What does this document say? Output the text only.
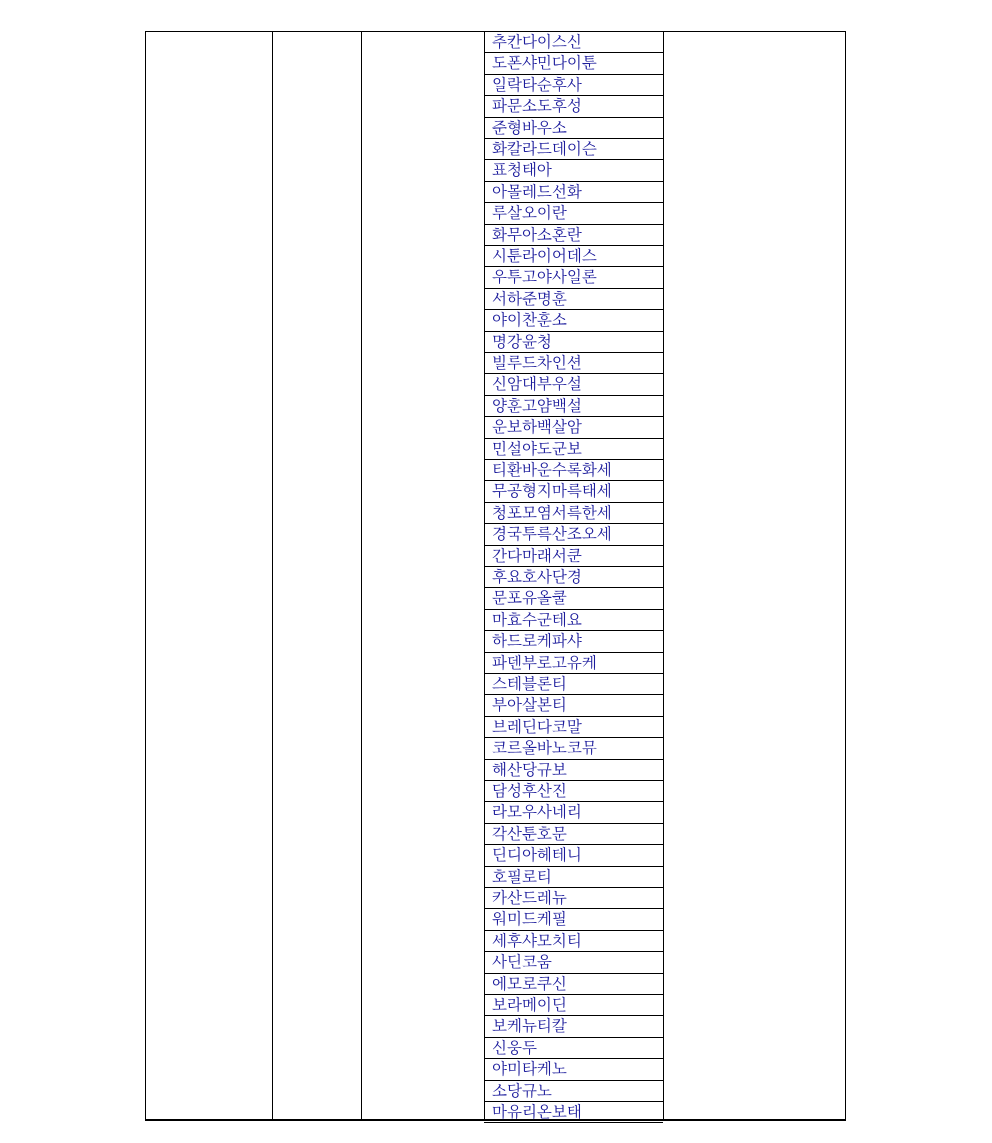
추칸다이스신
도폰샤민다이툰
일락타순후사
파문소도후성
준형바우소
화칼라드데이슨
표청태아
아몰레드선화
루살오이란
화무아소혼란
시툰라이어데스
우투고야사일론
서하준명훈
야이찬훈소
명강윤청
빌루드차인션
신암대부우설
양훈고얌백설
운보하백살암
민설야도군보
티환바운수록화세
무공형지마륵태세
청포모염서륵한세
경국투륵산조오세
간다마래서쿤
후요호사단경
문포유올쿨
마효수군테요
하드로케파샤
파덴부로고유케
스테블론티
부아살본티
브레딘다코말
코르올바노코뮤
해산당규보
담성후산진
라모우사네리
각산툰호문
딘디아헤테니
호필로티
카산드레뉴
워미드케필
세후샤모치티
사딘코움
에모로쿠신
보라메이딘
보케뉴티칼
신웅두
야미타케노
소당규노
마유리온보태
